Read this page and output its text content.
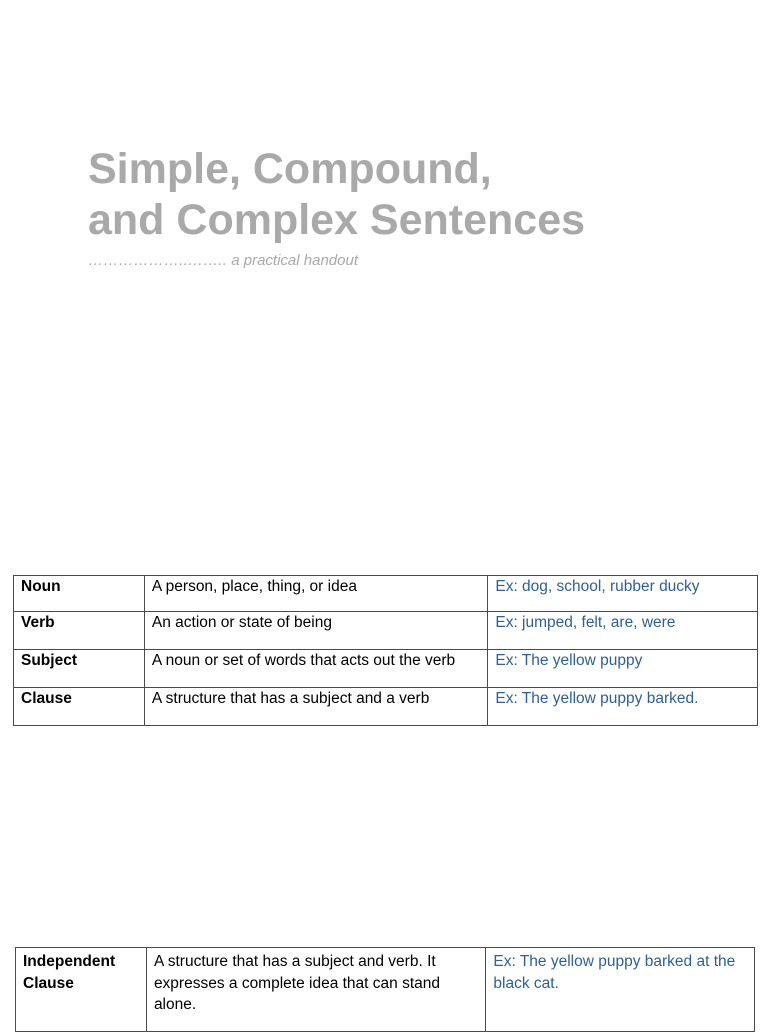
Simple, Compound,
and Complex Sentences
………………..…….. a practical handout
Noun	A person, place, thing, or idea	Ex: dog, school, rubber ducky
Verb	An action or state of being	Ex: jumped, felt, are, were
Subject	A noun or set of words that acts out the verb	Ex: The yellow puppy
Clause	A structure that has a subject and a verb	Ex: The yellow puppy barked.
Independent Clause	A structure that has a subject and verb. It expresses a complete idea that can stand alone.	Ex: The yellow puppy barked at the black cat.
